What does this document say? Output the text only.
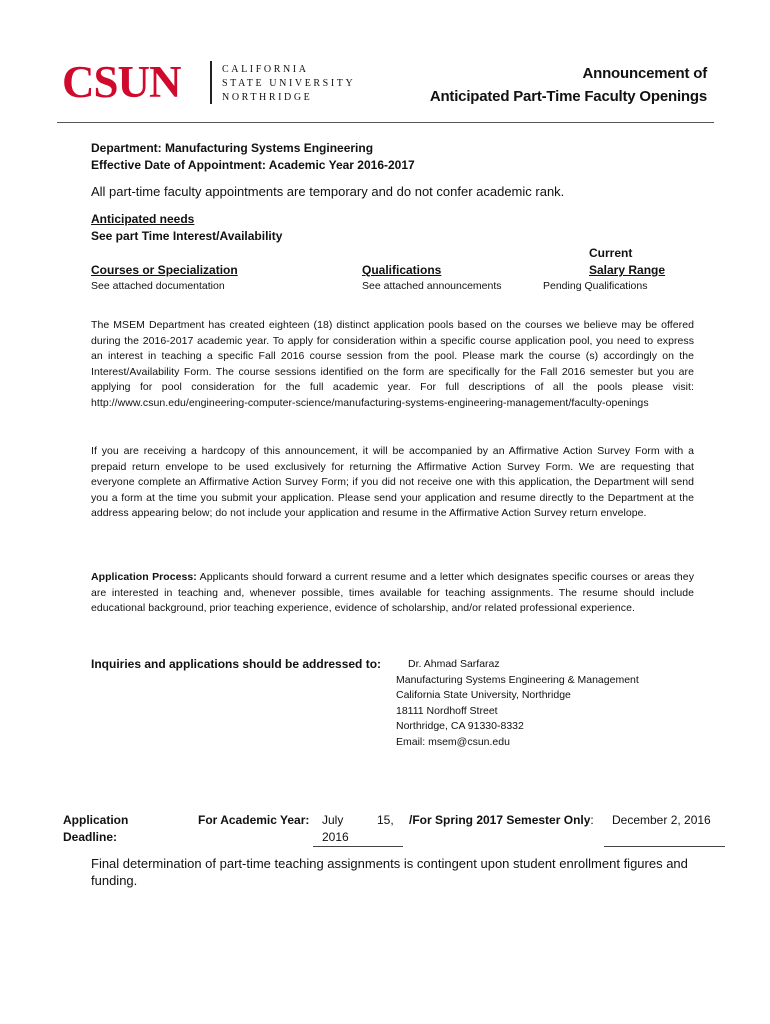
CSUN	CALIFORNIA
STATE UNIVERSITY
NORTHRIDGE
Announcement of
Anticipated Part-Time Faculty Openings
Department: Manufacturing Systems Engineering
Effective Date of Appointment: Academic Year 2016-2017
All part-time faculty appointments are temporary and do not confer academic rank.
Anticipated needs
See part Time Interest/Availability
Current
Courses or Specialization	Qualifications	Salary Range
See attached documentation	See attached announcements	Pending Qualifications
The MSEM Department has created eighteen (18) distinct application pools based on the courses we believe may be offered during the 2016-2017 academic year. To apply for consideration within a specific course application pool, you need to express an interest in teaching a specific Fall 2016 course session from the pool. Please mark the course (s) accordingly on the Interest/Availability Form. The course sessions identified on the form are specifically for the Fall 2016 semester but you are applying for pool consideration for the full academic year. For full descriptions of all the pools please visit: http://www.csun.edu/engineering-computer-science/manufacturing-systems-engineering-management/faculty-openings
If you are receiving a hardcopy of this announcement, it will be accompanied by an Affirmative Action Survey Form with a prepaid return envelope to be used exclusively for returning the Affirmative Action Survey Form. We are requesting that everyone complete an Affirmative Action Survey Form; if you did not receive one with this application, the Department will send you a form at the time you submit your application. Please send your application and resume directly to the Department at the address appearing below; do not include your application and resume in the Affirmative Action Survey return envelope.
Application Process: Applicants should forward a current resume and a letter which designates specific courses or areas they are interested in teaching and, whenever possible, times available for teaching assignments. The resume should include educational background, prior teaching experience, evidence of scholarship, and/or related professional experience.
Inquiries and applications should be addressed to:	Dr. Ahmad Sarfaraz
Manufacturing Systems Engineering & Management
California State University, Northridge
18111 Nordhoff Street
Northridge, CA 91330-8332
Email: msem@csun.edu
Application
Deadline:
For Academic Year: July	15,
2016
/For Spring 2017 Semester Only: December 2, 2016
Final determination of part-time teaching assignments is contingent upon student enrollment figures and funding.
